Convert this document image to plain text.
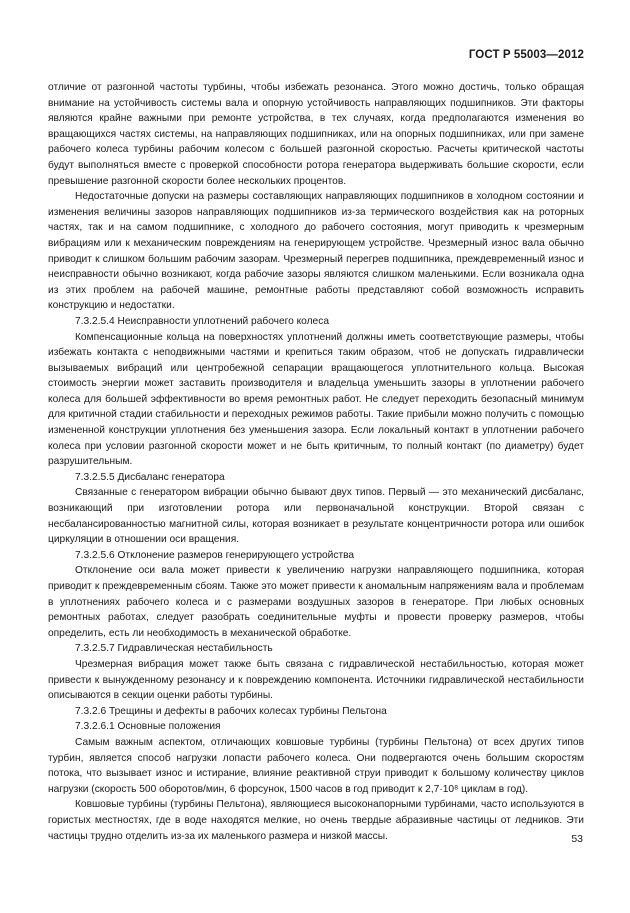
ГОСТ Р 55003—2012

отличие от разгонной частоты турбины, чтобы избежать резонанса. Этого можно достичь, только обращая внимание на устойчивость системы вала и опорную устойчивость направляющих подшипников. Эти факторы являются крайне важными при ремонте устройства, в тех случаях, когда предполагаются изменения во вращающихся частях системы, на направляющих подшипниках, или на опорных подшипниках, или при замене рабочего колеса турбины рабочим колесом с большей разгонной скоростью. Расчеты критической частоты будут выполняться вместе с проверкой способности ротора генератора выдерживать большие скорости, если превышение разгонной скорости более нескольких процентов.

Недостаточные допуски на размеры составляющих направляющих подшипников в холодном состоянии и изменения величины зазоров направляющих подшипников из-за термического воздействия как на роторных частях, так и на самом подшипнике, с холодного до рабочего состояния, могут приводить к чрезмерным вибрациям или к механическим повреждениям на генерирующем устройстве. Чрезмерный износ вала обычно приводит к слишком большим рабочим зазорам. Чрезмерный перегрев подшипника, преждевременный износ и неисправности обычно возникают, когда рабочие зазоры являются слишком маленькими. Если возникала одна из этих проблем на рабочей машине, ремонтные работы представляют собой возможность исправить конструкцию и недостатки.

7.3.2.5.4 Неисправности уплотнений рабочего колеса

Компенсационные кольца на поверхностях уплотнений должны иметь соответствующие размеры, чтобы избежать контакта с неподвижными частями и крепиться таким образом, чтоб не допускать гидравлически вызываемых вибраций или центробежной сепарации вращающегося уплотнительного кольца. Высокая стоимость энергии может заставить производителя и владельца уменьшить зазоры в уплотнении рабочего колеса для большей эффективности во время ремонтных работ. Не следует переходить безопасный минимум для критичной стадии стабильности и переходных режимов работы. Такие прибыли можно получить с помощью измененной конструкции уплотнения без уменьшения зазора. Если локальный контакт в уплотнении рабочего колеса при условии разгонной скорости может и не быть критичным, то полный контакт (по диаметру) будет разрушительным.

7.3.2.5.5 Дисбаланс генератора

Связанные с генератором вибрации обычно бывают двух типов. Первый — это механический дисбаланс, возникающий при изготовлении ротора или первоначальной конструкции. Второй связан с несбалансированностью магнитной силы, которая возникает в результате концентричности ротора или ошибок циркуляции в отношении оси вращения.

7.3.2.5.6 Отклонение размеров генерирующего устройства

Отклонение оси вала может привести к увеличению нагрузки направляющего подшипника, которая приводит к преждевременным сбоям. Также это может привести к аномальным напряжениям вала и проблемам в уплотнениях рабочего колеса и с размерами воздушных зазоров в генераторе. При любых основных ремонтных работах, следует разобрать соединительные муфты и провести проверку размеров, чтобы определить, есть ли необходимость в механической обработке.

7.3.2.5.7 Гидравлическая нестабильность

Чрезмерная вибрация может также быть связана с гидравлической нестабильностью, которая может привести к вынужденному резонансу и к повреждению компонента. Источники гидравлической нестабильности описываются в секции оценки работы турбины.

7.3.2.6 Трещины и дефекты в рабочих колесах турбины Пельтона

7.3.2.6.1 Основные положения

Самым важным аспектом, отличающих ковшовые турбины (турбины Пельтона) от всех других типов турбин, является способ нагрузки лопасти рабочего колеса. Они подвергаются очень большим скоростям потока, что вызывает износ и истирание, влияние реактивной струи приводит к большому количеству циклов нагрузки (скорость 500 оборотов/мин, 6 форсунок, 1500 часов в год приводит к 2,7·10⁸ циклам в год).

Ковшовые турбины (турбины Пельтона), являющиеся высоконапорными турбинами, часто используются в гористых местностях, где в воде находятся мелкие, но очень твердые абразивные частицы от ледников. Эти частицы трудно отделить из-за их маленького размера и низкой массы.	53
